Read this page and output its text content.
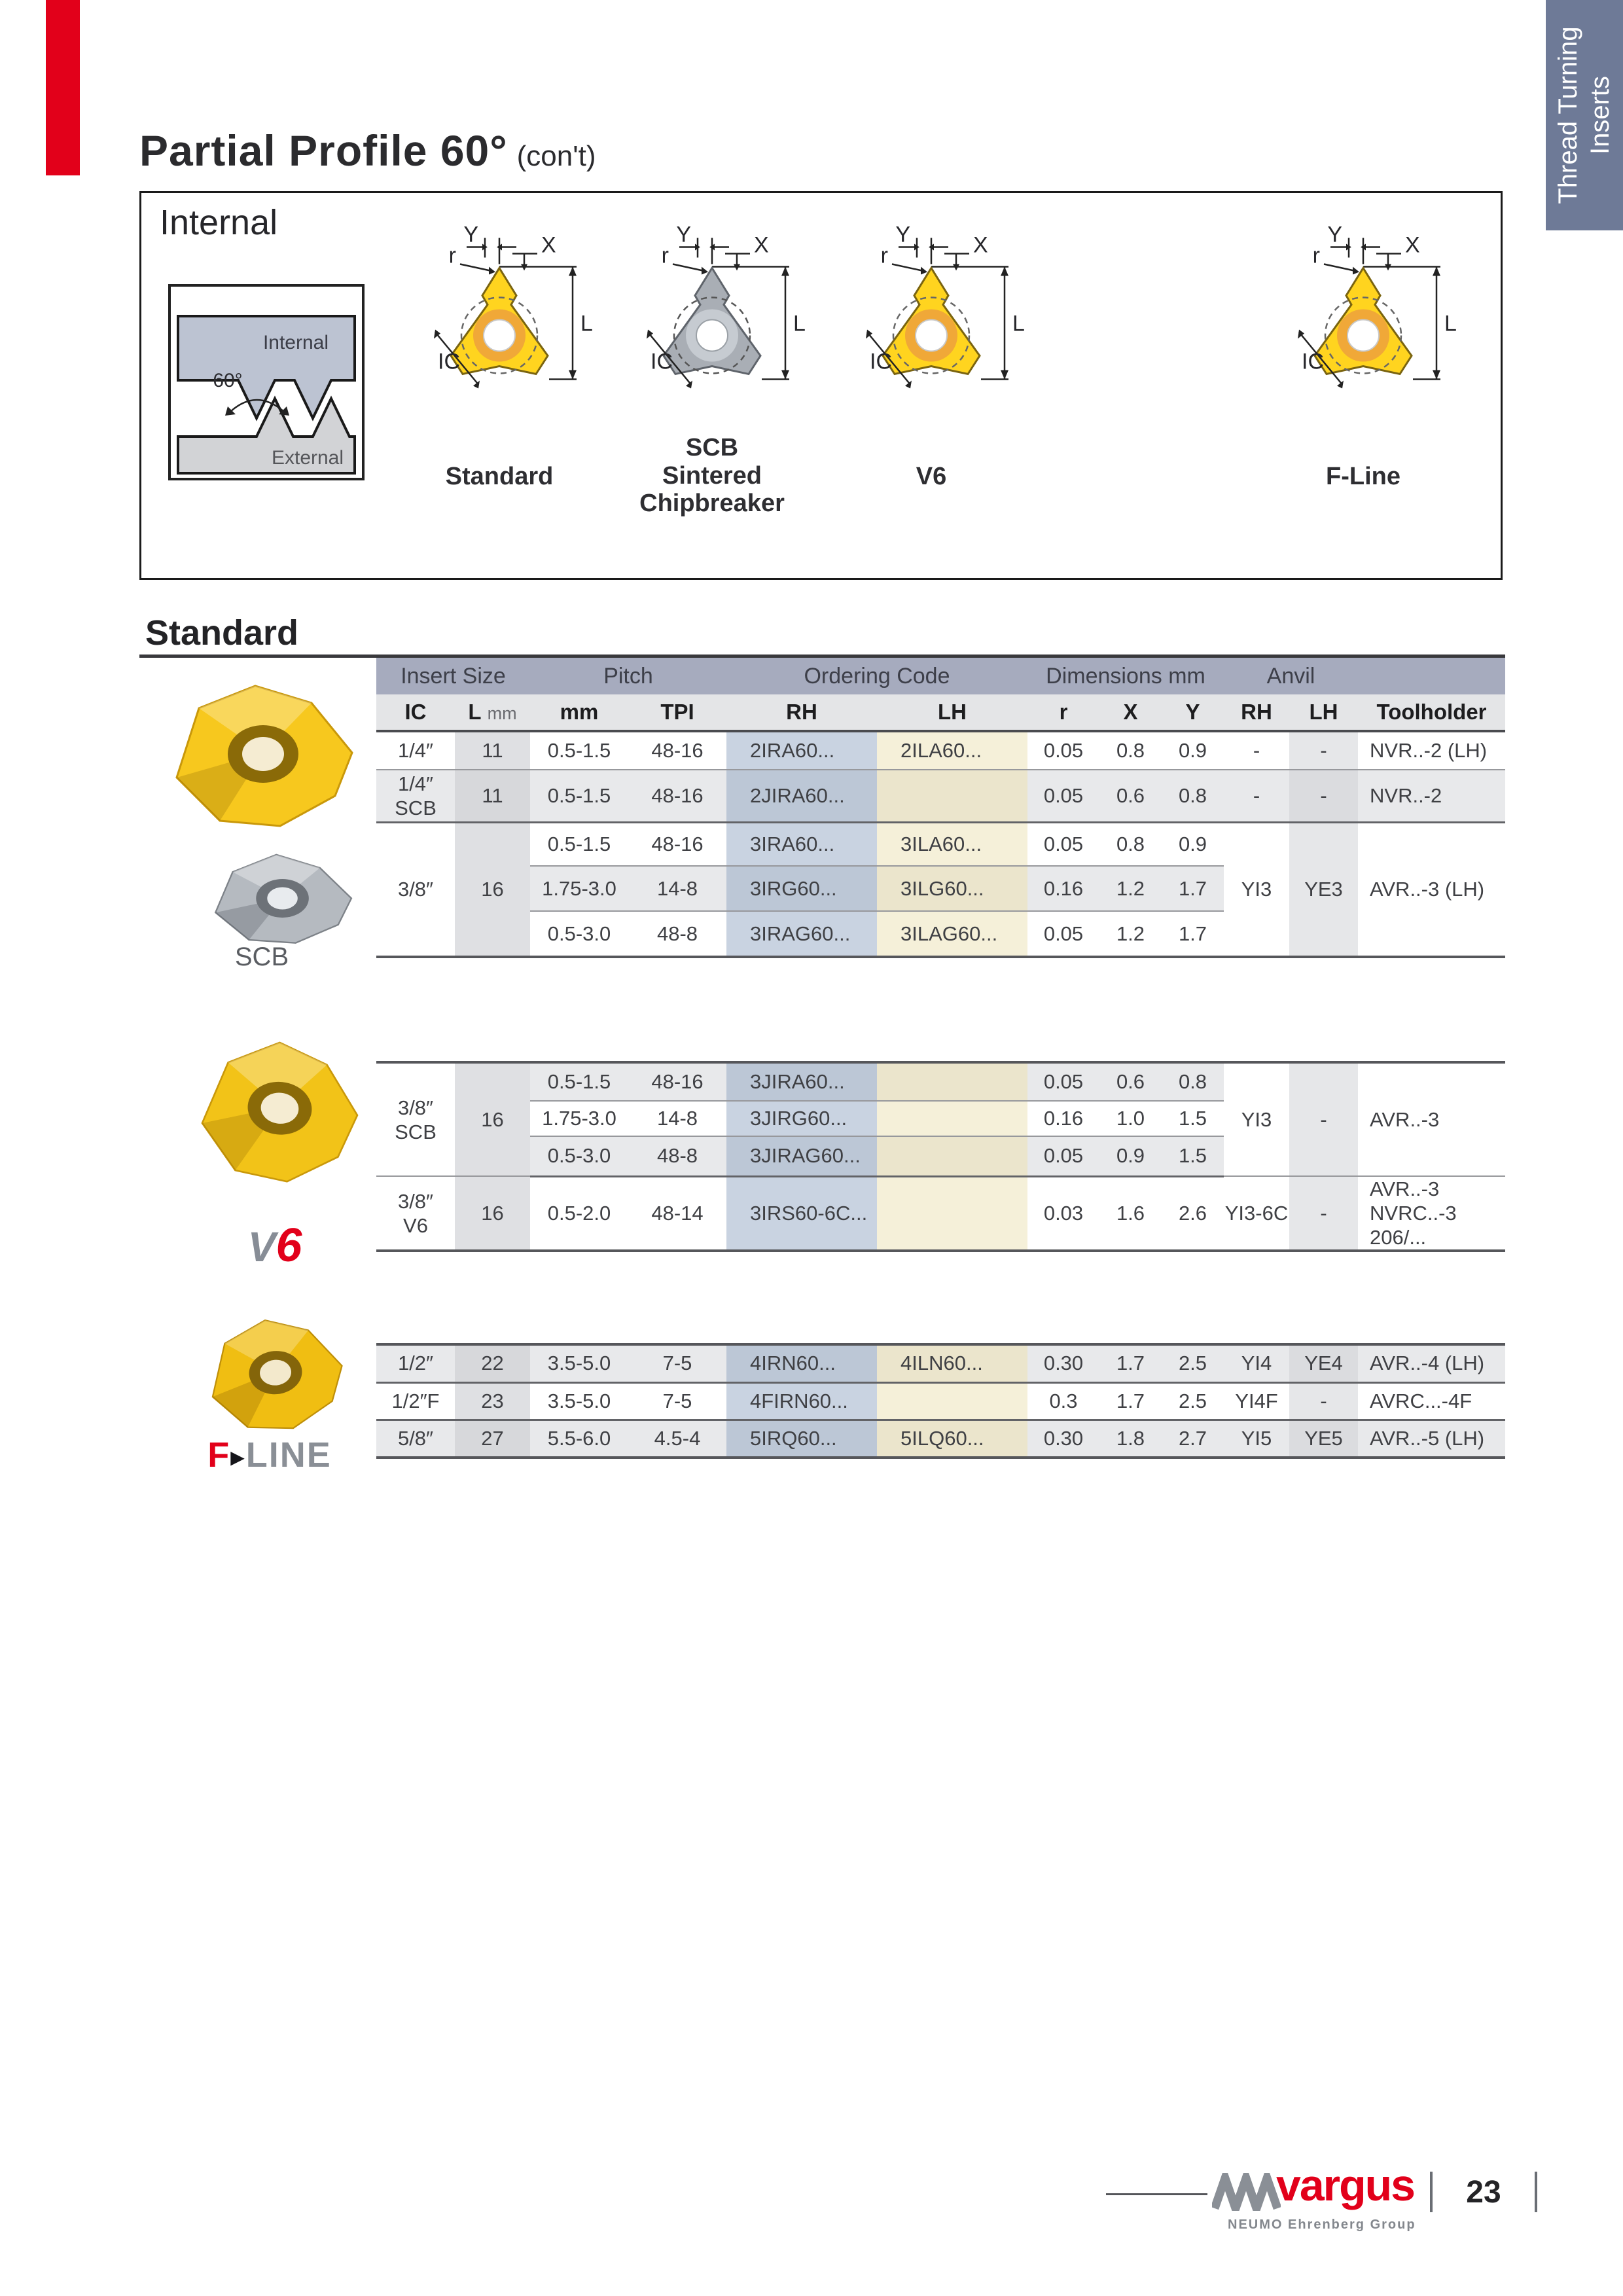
Thread Turning Inserts
Partial Profile 60° (con't)
Internal
Internal
60°
External
L
Y	X
r
IC
L
Y	X
r
IC
L
Y	X
r
IC
L
Y	X
r
IC
Standard
SCB
Sintered
Chipbreaker
V6	F-Line
Standard
SCB
V6
F ▶ LINE
Insert Size	Pitch	Ordering Code	Dimensions mm	Anvil
IC	L mm	mm	TPI	RH	LH	r	X	Y	RH	LH	Toolholder
1/4″	11	0.5-1.5	48-16	2IRA60...	2ILA60...	0.05	0.8	0.9	-	-	NVR..-2 (LH)

1/4″
SCB	11	0.5-1.5	48-16	2JIRA60...		0.05	0.6	0.8	-	-	NVR..-2
3/8″	16	0.5-1.5	48-16	3IRA60...	3ILA60...	0.05	0.8	0.9	YI3	YE3	AVR..-3 (LH)
		1.75-3.0	14-8	3IRG60...	3ILG60...	0.16	1.2	1.7			
		0.5-3.0	48-8	3IRAG60...	3ILAG60...	0.05	1.2	1.7			
3/8″
SCB	16	0.5-1.5	48-16	3JIRA60...		0.05	0.6	0.8	YI3	-	AVR..-3
		1.75-3.0	14-8	3JIRG60...		0.16	1.0	1.5			
		0.5-3.0	48-8	3JIRAG60...		0.05	0.9	1.5			

3/8″
V6
	16	0.5-2.0	48-14	3IRS60-6C...		0.03	1.6	2.6	YI3-6C	-	
AVR..-3
NVRC..-3 206/...
1/2″	22	3.5-5.0	7-5	4IRN60...	4ILN60...	0.30	1.7	2.5	YI4	YE4	AVR..-4 (LH)
1/2″F	23	3.5-5.0	7-5	4FIRN60...		0.3	1.7	2.5	YI4F	-	AVRC...-4F
5/8″	27	5.5-6.0	4.5-4	5IRQ60...	5ILQ60...	0.30	1.8	2.7	YI5	YE5	AVR..-5 (LH)
vargus
NEUMO Ehrenberg Group
23
